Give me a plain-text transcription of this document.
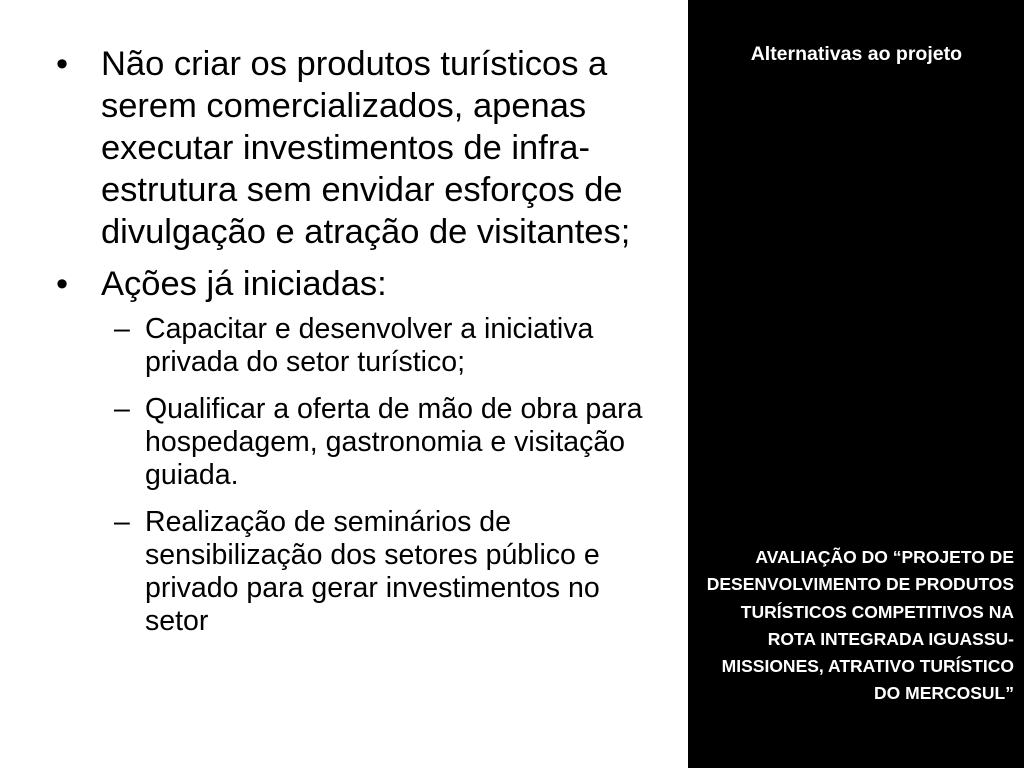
• Não criar os produtos turísticos a serem comercializados, apenas executar investimentos de infra-estrutura sem envidar esforços de divulgação e atração de visitantes;
• Ações já iniciadas:
– Capacitar e desenvolver a iniciativa privada do setor turístico;
– Qualificar a oferta de mão de obra para hospedagem, gastronomia e visitação guiada.
– Realização de seminários de sensibilização dos setores público e privado para gerar investimentos no setor
Alternativas ao projeto
AVALIAÇÃO DO “PROJETO DE DESENVOLVIMENTO DE PRODUTOS TURÍSTICOS COMPETITIVOS NA ROTA INTEGRADA IGUASSU-MISSIONES, ATRATIVO TURÍSTICO DO MERCOSUL”
